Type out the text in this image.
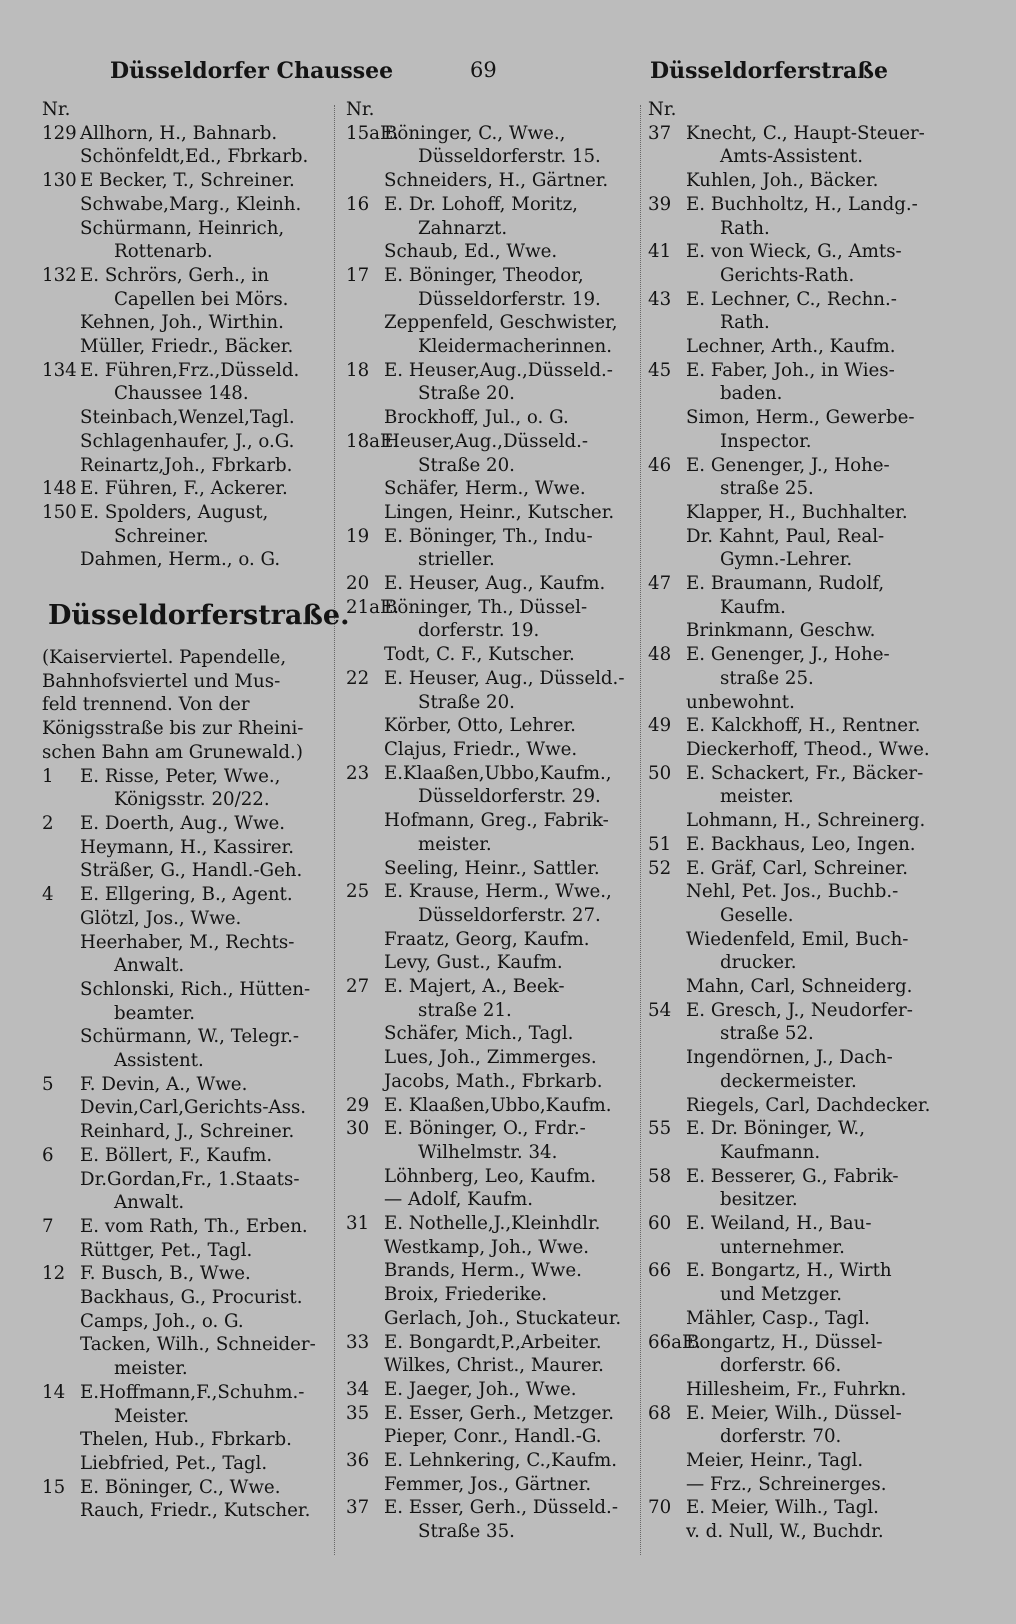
Düsseldorfer Chaussee	69	Düsseldorferstraße
Nr.
129 Allhorn, H., Bahnarb.
Schönfeldt,Ed., Fbrkarb.
130 E Becker, T., Schreiner.
Schwabe,Marg., Kleinh.
Schürmann, Heinrich,
Rottenarb.
132 E. Schrörs, Gerh., in
Capellen bei Mörs.
Kehnen, Joh., Wirthin.
Müller, Friedr., Bäcker.
134 E. Führen,Frz.,Düsseld.
Chaussee 148.
Steinbach,Wenzel,Tagl.
Schlagenhaufer, J., o.G.
Reinartz,Joh., Fbrkarb.
148 E. Führen, F., Ackerer.
150 E. Spolders, August,
Schreiner.
Dahmen, Herm., o. G.
Düsseldorferstraße.
(Kaiserviertel. Papendelle,
Bahnhofsviertel und Mus-
feld trennend. Von der
Königsstraße bis zur Rheini-
schen Bahn am Grunewald.)
1 E. Risse, Peter, Wwe.,
Königsstr. 20/22.
2 E. Doerth, Aug., Wwe.
Heymann, H., Kassirer.
Sträßer, G., Handl.-Geh.
4 E. Ellgering, B., Agent.
Glötzl, Jos., Wwe.
Heerhaber, M., Rechts-
Anwalt.
Schlonski, Rich., Hütten-
beamter.
Schürmann, W., Telegr.-
Assistent.
5 F. Devin, A., Wwe.
Devin,Carl,Gerichts-Ass.
Reinhard, J., Schreiner.
6 E. Böllert, F., Kaufm.
Dr.Gordan,Fr., 1.Staats-
Anwalt.
7 E. vom Rath, Th., Erben.
Rüttger, Pet., Tagl.
12 F. Busch, B., Wwe.
Backhaus, G., Procurist.
Camps, Joh., o. G.
Tacken, Wilh., Schneider-
meister.
14 E.Hoffmann,F.,Schuhm.-
Meister.
Thelen, Hub., Fbrkarb.
Liebfried, Pet., Tagl.
15 E. Böninger, C., Wwe.
Rauch, Friedr., Kutscher.
Nr.
15aE.Böninger, C., Wwe.,
Düsseldorferstr. 15.
Schneiders, H., Gärtner.
16 E. Dr. Lohoff, Moritz,
Zahnarzt.
Schaub, Ed., Wwe.
17 E. Böninger, Theodor,
Düsseldorferstr. 19.
Zeppenfeld, Geschwister,
Kleidermacherinnen.
18 E. Heuser,Aug.,Düsseld.-
Straße 20.
Brockhoff, Jul., o. G.
18aE.Heuser,Aug.,Düsseld.-
Straße 20.
Schäfer, Herm., Wwe.
Lingen, Heinr., Kutscher.
19 E. Böninger, Th., Indu-
strieller.
20 E. Heuser, Aug., Kaufm.
21aE.Böninger, Th., Düssel-
dorferstr. 19.
Todt, C. F., Kutscher.
22 E. Heuser, Aug., Düsseld.-
Straße 20.
Körber, Otto, Lehrer.
Clajus, Friedr., Wwe.
23 E.Klaaßen,Ubbo,Kaufm.,
Düsseldorferstr. 29.
Hofmann, Greg., Fabrik-
meister.
Seeling, Heinr., Sattler.
25 E. Krause, Herm., Wwe.,
Düsseldorferstr. 27.
Fraatz, Georg, Kaufm.
Levy, Gust., Kaufm.
27 E. Majert, A., Beek-
straße 21.
Schäfer, Mich., Tagl.
Lues, Joh., Zimmerges.
Jacobs, Math., Fbrkarb.
29 E. Klaaßen,Ubbo,Kaufm.
30 E. Böninger, O., Frdr.-
Wilhelmstr. 34.
Löhnberg, Leo, Kaufm.
— Adolf, Kaufm.
31 E. Nothelle,J.,Kleinhdlr.
Westkamp, Joh., Wwe.
Brands, Herm., Wwe.
Broix, Friederike.
Gerlach, Joh., Stuckateur.
33 E. Bongardt,P.,Arbeiter.
Wilkes, Christ., Maurer.
34 E. Jaeger, Joh., Wwe.
35 E. Esser, Gerh., Metzger.
Pieper, Conr., Handl.-G.
36 E. Lehnkering, C.,Kaufm.
Femmer, Jos., Gärtner.
37 E. Esser, Gerh., Düsseld.-
Straße 35.
Nr.
37 Knecht, C., Haupt-Steuer-
Amts-Assistent.
Kuhlen, Joh., Bäcker.
39 E. Buchholtz, H., Landg.-
Rath.
41 E. von Wieck, G., Amts-
Gerichts-Rath.
43 E. Lechner, C., Rechn.-
Rath.
Lechner, Arth., Kaufm.
45 E. Faber, Joh., in Wies-
baden.
Simon, Herm., Gewerbe-
Inspector.
46 E. Genenger, J., Hohe-
straße 25.
Klapper, H., Buchhalter.
Dr. Kahnt, Paul, Real-
Gymn.-Lehrer.
47 E. Braumann, Rudolf,
Kaufm.
Brinkmann, Geschw.
48 E. Genenger, J., Hohe-
straße 25.
unbewohnt.
49 E. Kalckhoff, H., Rentner.
Dieckerhoff, Theod., Wwe.
50 E. Schackert, Fr., Bäcker-
meister.
Lohmann, H., Schreinerg.
51 E. Backhaus, Leo, Ingen.
52 E. Gräf, Carl, Schreiner.
Nehl, Pet. Jos., Buchb.-
Geselle.
Wiedenfeld, Emil, Buch-
drucker.
Mahn, Carl, Schneiderg.
54 E. Gresch, J., Neudorfer-
straße 52.
Ingendörnen, J., Dach-
deckermeister.
Riegels, Carl, Dachdecker.
55 E. Dr. Böninger, W.,
Kaufmann.
58 E. Besserer, G., Fabrik-
besitzer.
60 E. Weiland, H., Bau-
unternehmer.
66 E. Bongartz, H., Wirth
und Metzger.
Mähler, Casp., Tagl.
66aE.Bongartz, H., Düssel-
dorferstr. 66.
Hillesheim, Fr., Fuhrkn.
68 E. Meier, Wilh., Düssel-
dorferstr. 70.
Meier, Heinr., Tagl.
— Frz., Schreinerges.
70 E. Meier, Wilh., Tagl.
v. d. Null, W., Buchdr.
